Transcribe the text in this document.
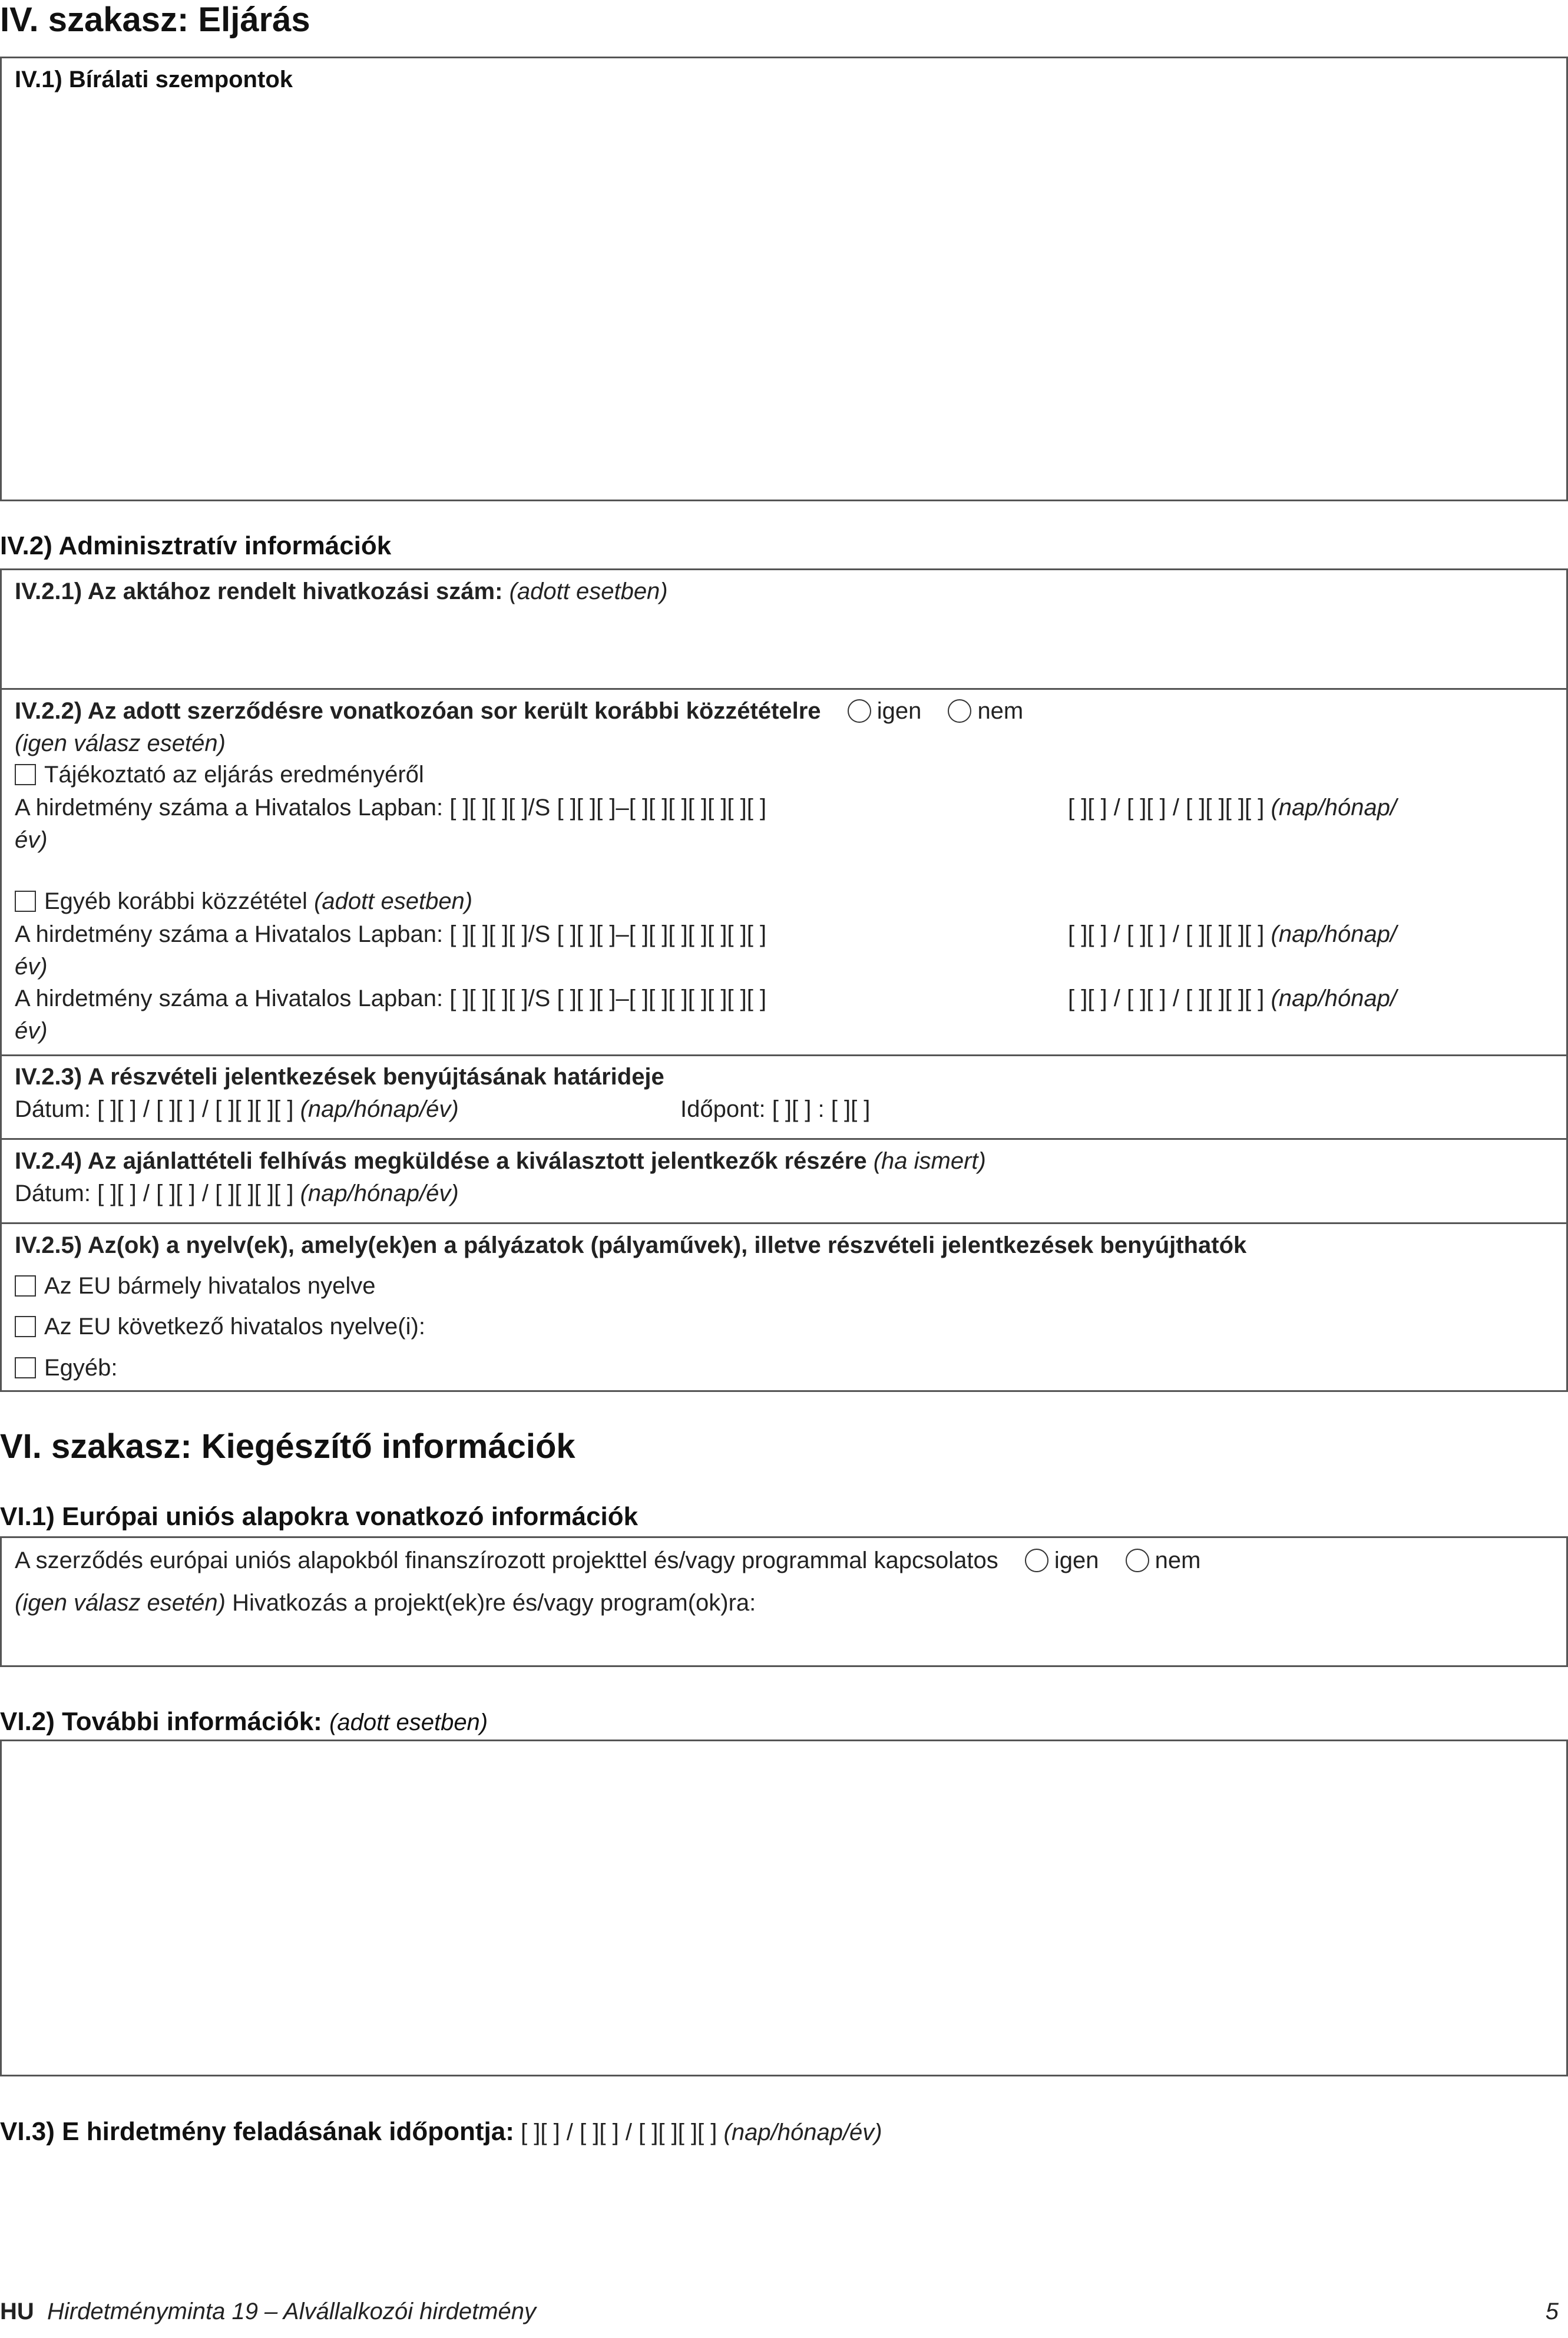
IV. szakasz: Eljárás
IV.1) Bírálati szempontok
IV.2) Adminisztratív információk
IV.2.1) Az aktához rendelt hivatkozási szám: (adott esetben)
IV.2.2) Az adott szerződésre vonatkozóan sor került korábbi közzétételre igen nem
(igen válasz esetén)
Tájékoztató az eljárás eredményéről
A hirdetmény száma a Hivatalos Lapban: [ ][ ][ ][ ]/S [ ][ ][ ]–[ ][ ][ ][ ][ ][ ][ ]	[ ][ ] / [ ][ ] / [ ][ ][ ][ ] (nap/hónap/
év)
Egyéb korábbi közzététel (adott esetben)
A hirdetmény száma a Hivatalos Lapban: [ ][ ][ ][ ]/S [ ][ ][ ]–[ ][ ][ ][ ][ ][ ][ ]	[ ][ ] / [ ][ ] / [ ][ ][ ][ ] (nap/hónap/
év)
A hirdetmény száma a Hivatalos Lapban: [ ][ ][ ][ ]/S [ ][ ][ ]–[ ][ ][ ][ ][ ][ ][ ]	[ ][ ] / [ ][ ] / [ ][ ][ ][ ] (nap/hónap/
év)
IV.2.3) A részvételi jelentkezések benyújtásának határideje
Dátum: [ ][ ] / [ ][ ] / [ ][ ][ ][ ] (nap/hónap/év)	Időpont: [ ][ ] : [ ][ ]
IV.2.4) Az ajánlattételi felhívás megküldése a kiválasztott jelentkezők részére (ha ismert)
Dátum: [ ][ ] / [ ][ ] / [ ][ ][ ][ ] (nap/hónap/év)
IV.2.5) Az(ok) a nyelv(ek), amely(ek)en a pályázatok (pályaművek), illetve részvételi jelentkezések benyújthatók
Az EU bármely hivatalos nyelve
Az EU következő hivatalos nyelve(i):
Egyéb:
VI. szakasz: Kiegészítő információk
VI.1) Európai uniós alapokra vonatkozó információk
A szerződés európai uniós alapokból finanszírozott projekttel és/vagy programmal kapcsolatos igen nem
(igen válasz esetén) Hivatkozás a projekt(ek)re és/vagy program(ok)ra:
VI.2) További információk: (adott esetben)
VI.3) E hirdetmény feladásának időpontja: [ ][ ] / [ ][ ] / [ ][ ][ ][ ] (nap/hónap/év)
HU Hirdetményminta 19 – Alvállalkozói hirdetmény	5
